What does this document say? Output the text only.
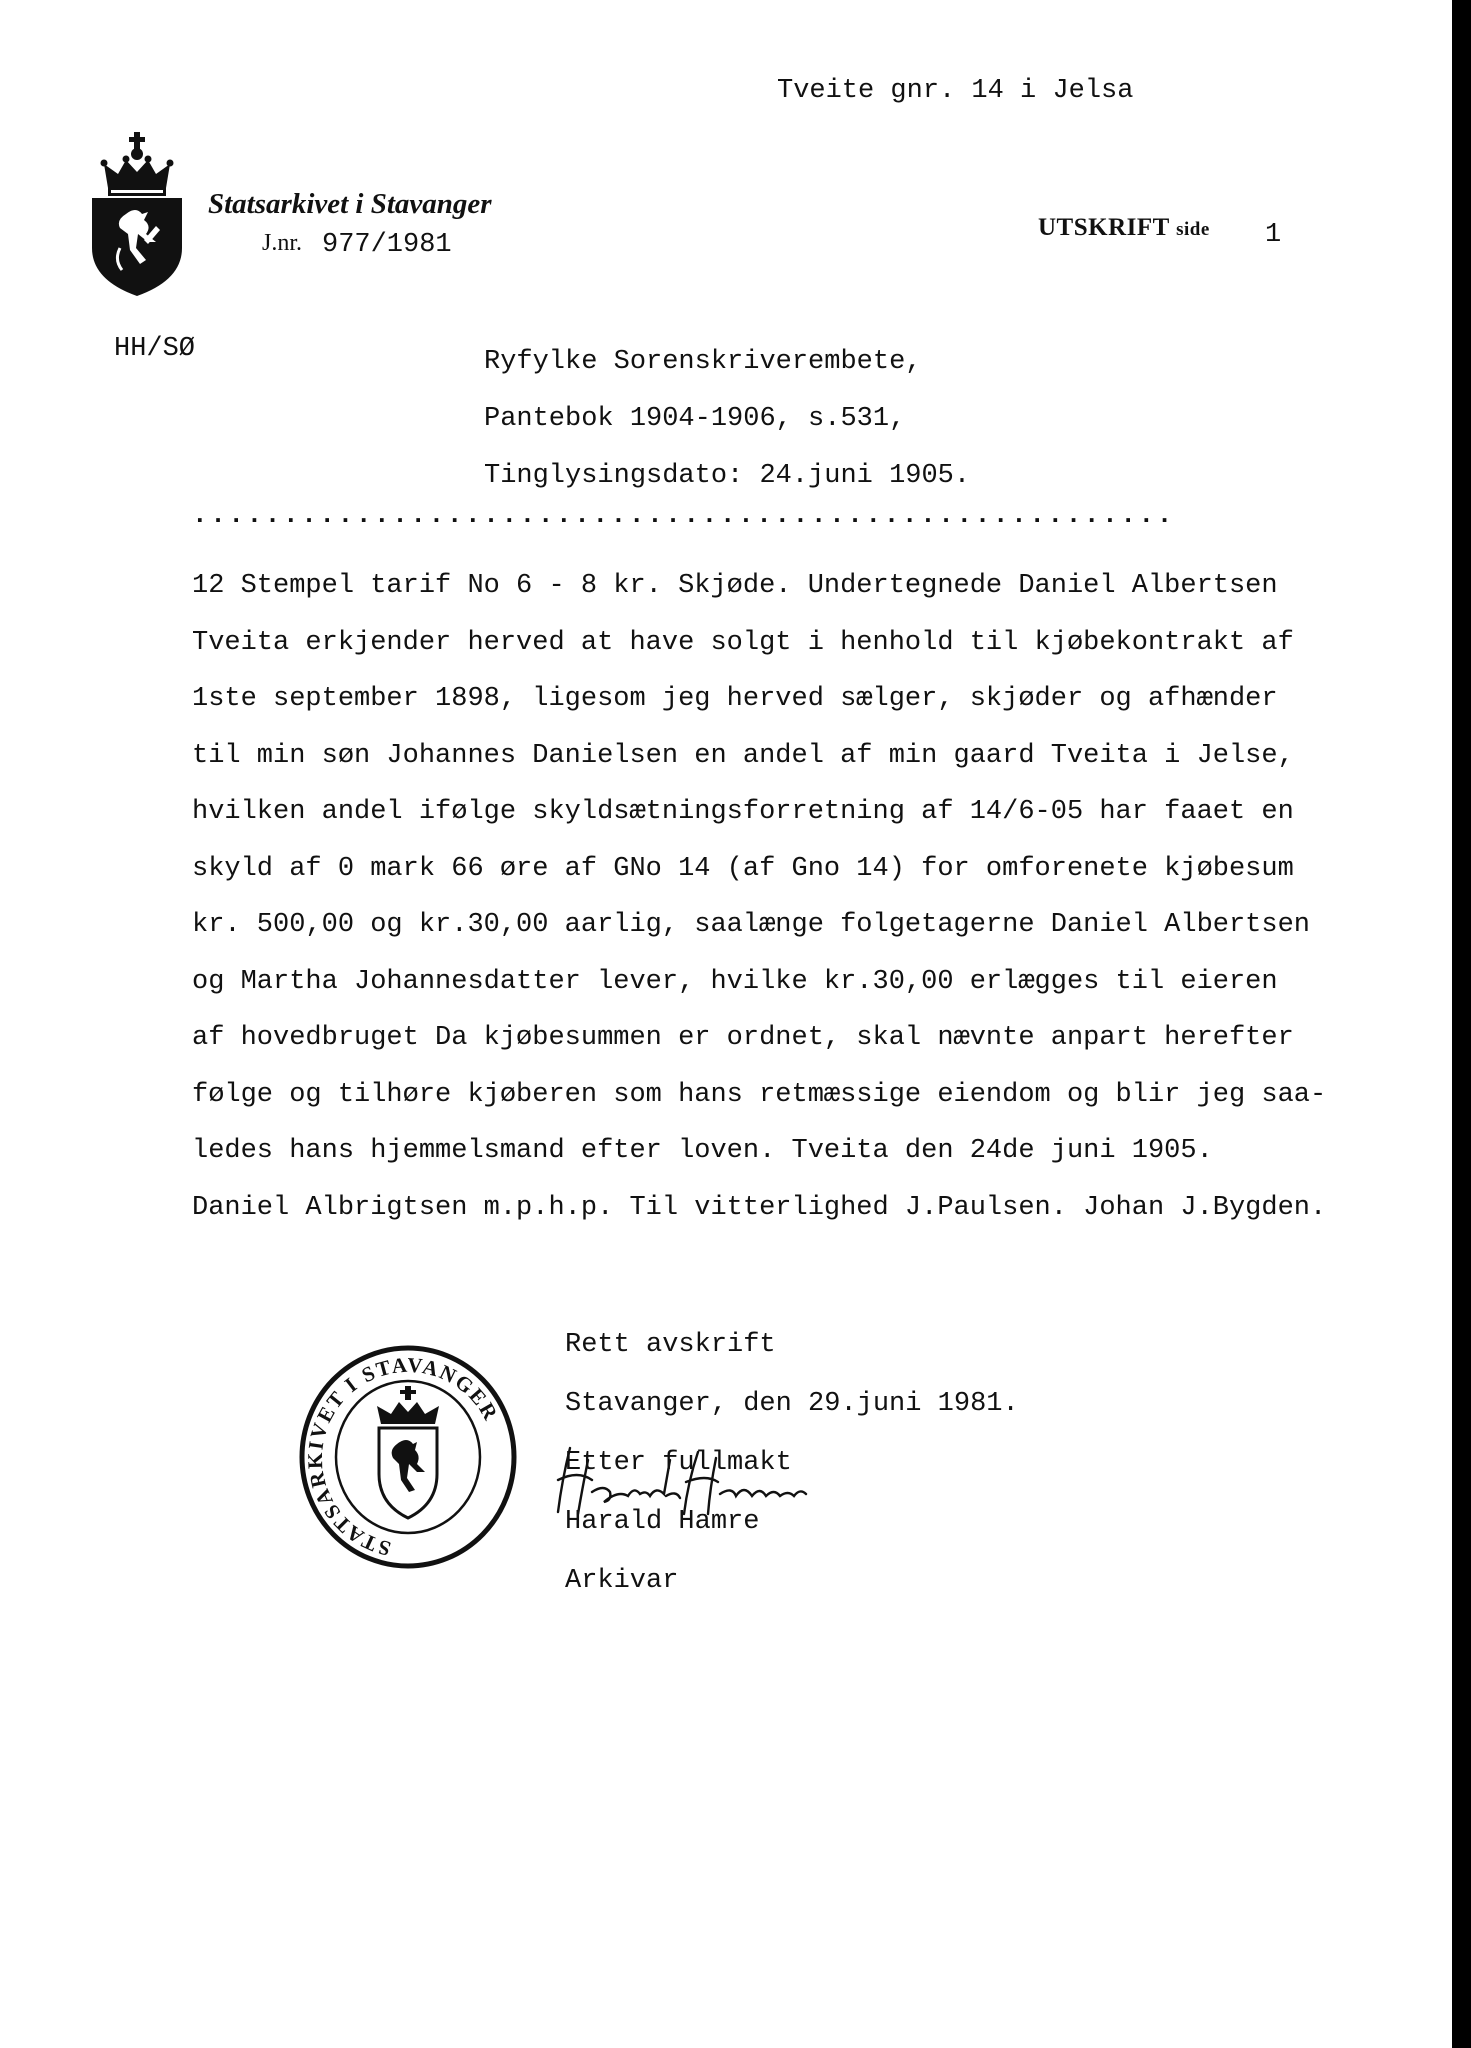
Tveite gnr. 14 i Jelsa
Statsarkivet i Stavanger
J.nr. 977/1981
UTSKRIFT side 1
HH/SØ	Ryfylke Sorenskriverembete,
Pantebok 1904-1906, s.531,
Tinglysingsdato: 24.juni 1905.
......................................................
12 Stempel tarif No 6 - 8 kr. Skjøde. Undertegnede Daniel Albertsen
Tveita erkjender herved at have solgt i henhold til kjøbekontrakt af
1ste september 1898, ligesom jeg herved sælger, skjøder og afhænder
til min søn Johannes Danielsen en andel af min gaard Tveita i Jelse,
hvilken andel ifølge skyldsætningsforretning af 14/6-05 har faaet en
skyld af 0 mark 66 øre af GNo 14 (af Gno 14) for omforenete kjøbesum
kr. 500,00 og kr.30,00 aarlig, saalænge folgetagerne Daniel Albertsen
og Martha Johannesdatter lever, hvilke kr.30,00 erlægges til eieren
af hovedbruget Da kjøbesummen er ordnet, skal nævnte anpart herefter
følge og tilhøre kjøberen som hans retmæssige eiendom og blir jeg saa-
ledes hans hjemmelsmand efter loven. Tveita den 24de juni 1905.
Daniel Albrigtsen m.p.h.p. Til vitterlighed J.Paulsen. Johan J.Bygden.
STATSARKIVET I STAVANGER
Rett avskrift
Stavanger, den 29.juni 1981.
Etter fullmakt
Harald Hamre
Arkivar
